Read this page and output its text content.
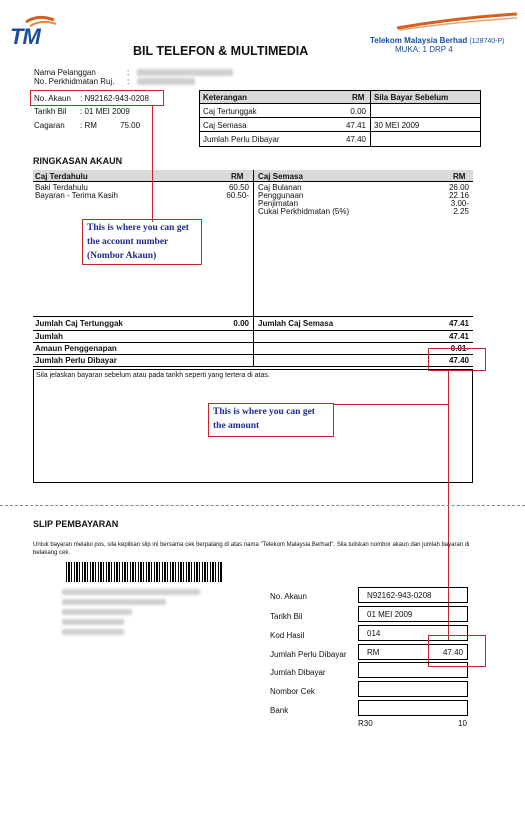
TM
BIL TELEFON & MULTIMEDIA
Telekom Malaysia Berhad (128740-P)
MUKA: 1 DRP 4
Nama Pelanggan	:
No. Perkhidmatan Ruj. :
No. Akaun : N92162-943-0208
Tarikh Bil : 01 MEI 2009
Cagaran : RM	75.00
Keterangan	RM Sila Bayar Sebelum
Caj Tertunggak	0.00
Caj Semasa	47.41 30 MEI 2009
Jumlah Perlu Dibayar	47.40
RINGKASAN AKAUN
Caj Terdahulu	RM Caj Semasa	RM
Baki Terdahulu	60.50
Bayaran - Terima Kasih	60.50-
Caj Bulanan	26.00
Penggunaan	22.16
Penjimatan	3.00-
Cukai Perkhidmatan (5%)	2.25
Jumlah Caj Tertunggak	0.00 Jumlah Caj Semasa	47.41
Jumlah	47.41
Amaun Penggenapan	0.01-
Jumlah Perlu Dibayar	47.40
This is where you can get
the account number
(Nombor Akaun)
Sila jelaskan bayaran sebelum atau pada tarikh seperti yang tertera di atas.
This is where you can get
the amount
SLIP PEMBAYARAN
Untuk bayaran melalui pos, sila kepilkan slip ini bersama cek berpalang di atas nama "Telekom Malaysia Berhad". Sila tuliskan nombor akaun dan jumlah bayaran di belakang cek.
No. Akaun	N92162-943-0208
Tarikh Bil	01 MEI 2009
Kod Hasil	014
Jumlah Perlu Dibayar	RM	47.40
Jumlah Dibayar
Nombor Cek
Bank
R30	10
